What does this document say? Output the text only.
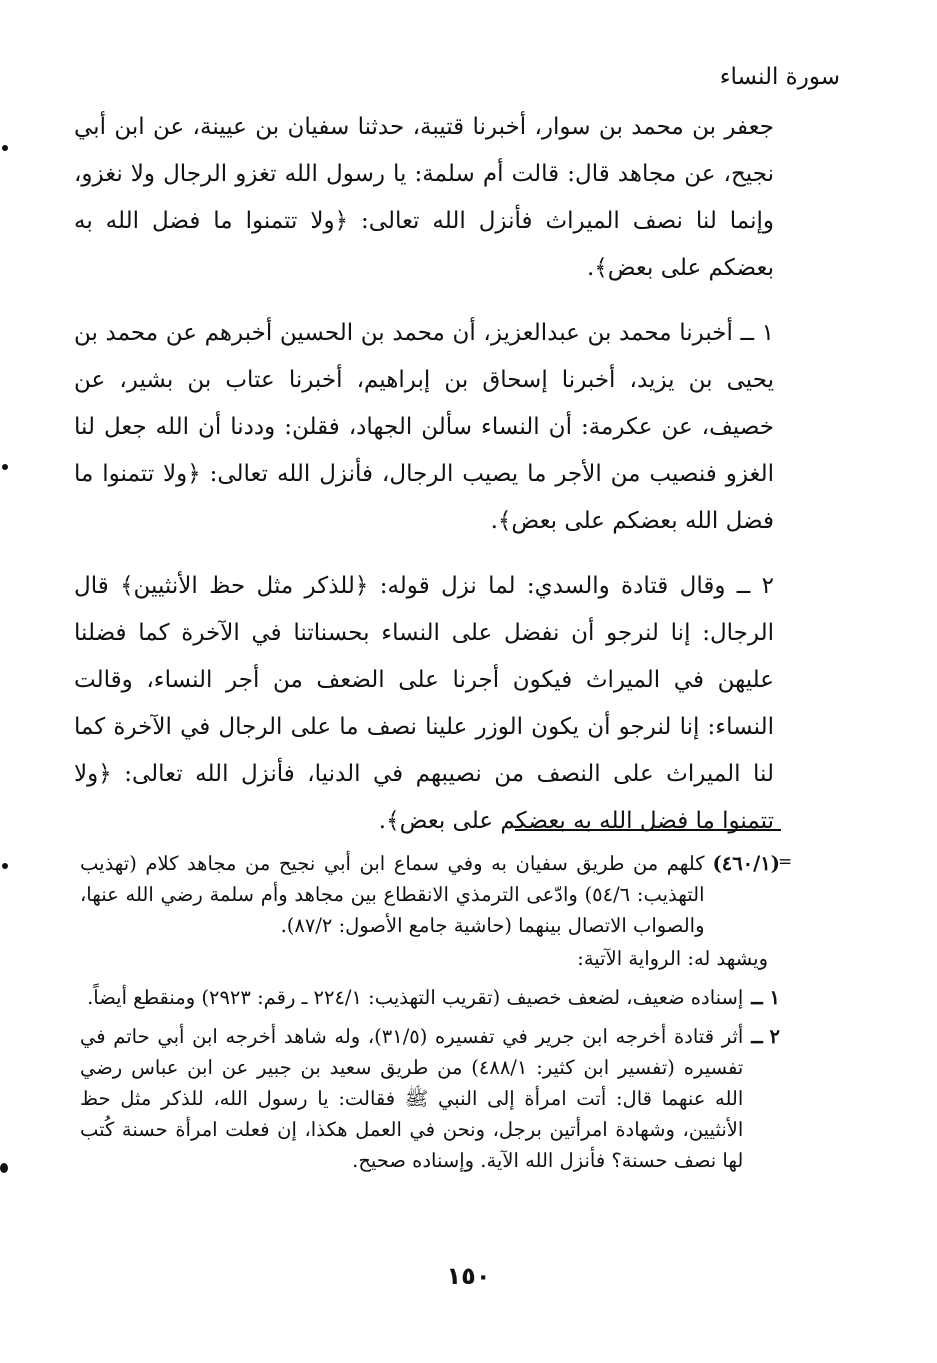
سورة النساء

جعفر بن محمد بن سوار، أخبرنا قتيبة، حدثنا سفيان بن عيينة، عن ابن أبي نجيح، عن مجاهد قال: قالت أم سلمة: يا رسول الله تغزو الرجال ولا نغزو، وإنما لنا نصف الميراث فأنزل الله تعالى: ﴿ولا تتمنوا ما فضل الله به بعضكم على بعض﴾.

١ ــ أخبرنا محمد بن عبدالعزيز، أن محمد بن الحسين أخبرهم عن محمد بن يحيى بن يزيد، أخبرنا إسحاق بن إبراهيم، أخبرنا عتاب بن بشير، عن خصيف، عن عكرمة: أن النساء سألن الجهاد، فقلن: وددنا أن الله جعل لنا الغزو فنصيب من الأجر ما يصيب الرجال، فأنزل الله تعالى: ﴿ولا تتمنوا ما فضل الله بعضكم على بعض﴾.

٢ ــ وقال قتادة والسدي: لما نزل قوله: ﴿للذكر مثل حظ الأنثيين﴾ قال الرجال: إنا لنرجو أن نفضل على النساء بحسناتنا في الآخرة كما فضلنا عليهن في الميراث فيكون أجرنا على الضعف من أجر النساء، وقالت النساء: إنا لنرجو أن يكون الوزر علينا نصف ما على الرجال في الآخرة كما لنا الميراث على النصف من نصيبهم في الدنيا، فأنزل الله تعالى: ﴿ولا تتمنوا ما فضل الله به بعضكم على بعض﴾.

=
(٤٦٠/١)
كلهم من طريق سفيان به وفي سماع ابن أبي نجيح من مجاهد كلام (تهذيب التهذيب: ٥٤/٦) وادّعى الترمذي الانقطاع بين مجاهد وأم سلمة رضي الله عنها، والصواب الاتصال بينهما (حاشية جامع الأصول: ٨٧/٢).
ويشهد له: الرواية الآتية:
١ ــ
إسناده ضعيف، لضعف خصيف (تقريب التهذيب: ٢٢٤/١ ـ رقم: ٢٩٢٣) ومنقطع أيضاً.
٢ ــ
أثر قتادة أخرجه ابن جرير في تفسيره (٣١/٥)، وله شاهد أخرجه ابن أبي حاتم في تفسيره (تفسير ابن كثير: ٤٨٨/١) من طريق سعيد بن جبير عن ابن عباس رضي الله عنهما قال: أتت امرأة إلى النبي ﷺ فقالت: يا رسول الله، للذكر مثل حظ الأنثيين، وشهادة امرأتين برجل، ونحن في العمل هكذا، إن فعلت امرأة حسنة كُتب لها نصف حسنة؟ فأنزل الله الآية. وإسناده صحيح.
١٥٠
